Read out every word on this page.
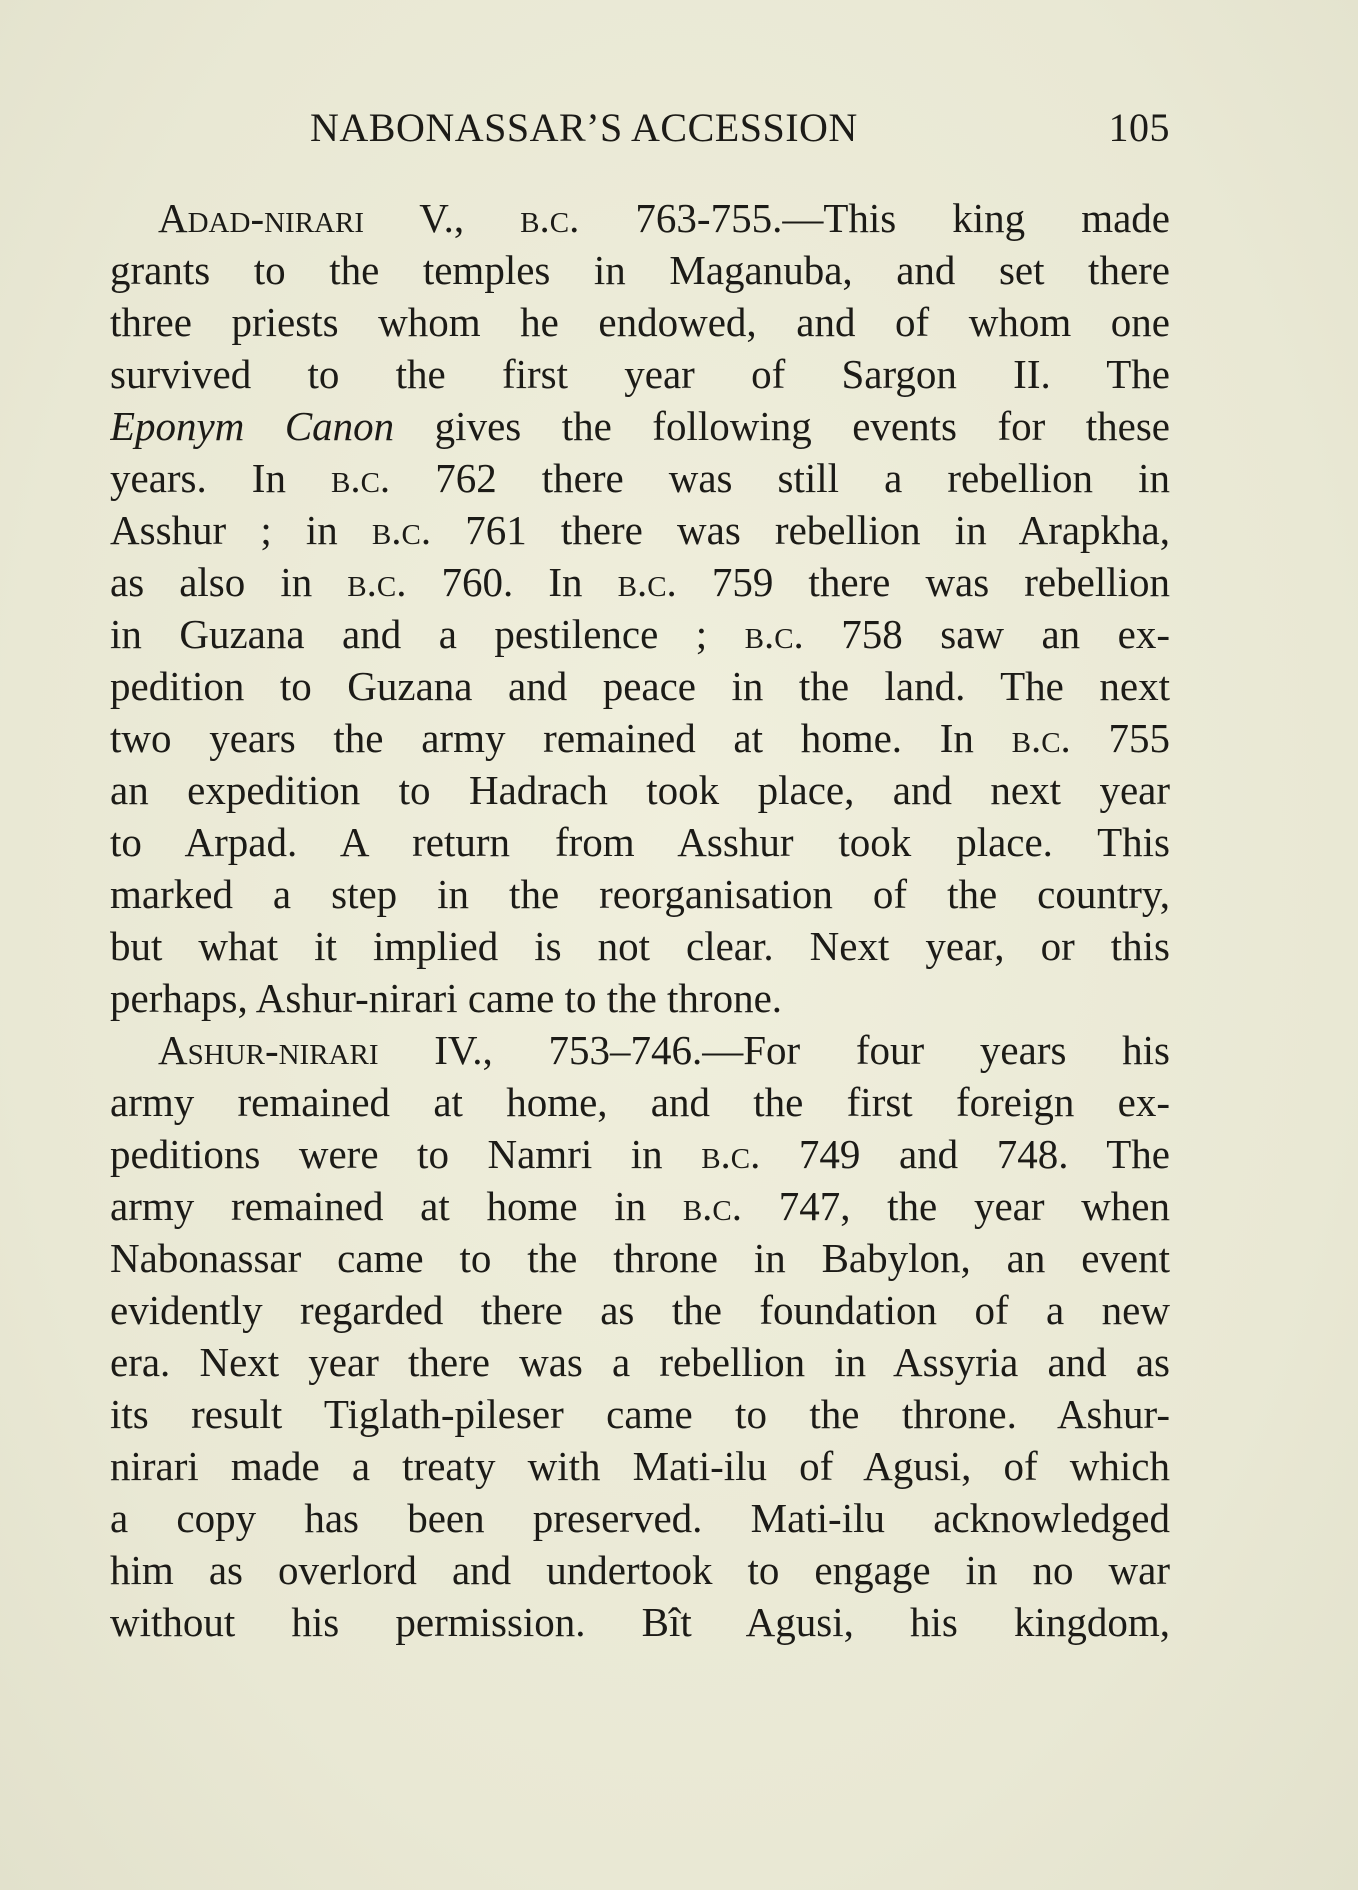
NABONASSAR’S ACCESSION	105
Adad-nirari V., b.c. 763-755.—This king made
grants to the temples in Maganuba, and set there
three priests whom he endowed, and of whom one
survived to the first year of Sargon II. The
Eponym Canon gives the following events for these
years. In b.c. 762 there was still a rebellion in
Asshur ; in b.c. 761 there was rebellion in Arapkha,
as also in b.c. 760. In b.c. 759 there was rebellion
in Guzana and a pestilence ; b.c. 758 saw an ex-
pedition to Guzana and peace in the land. The next
two years the army remained at home. In b.c. 755
an expedition to Hadrach took place, and next year
to Arpad. A return from Asshur took place. This
marked a step in the reorganisation of the country,
but what it implied is not clear. Next year, or this
perhaps, Ashur-nirari came to the throne.
Ashur-nirari IV., 753–746.—For four years his
army remained at home, and the first foreign ex-
peditions were to Namri in b.c. 749 and 748. The
army remained at home in b.c. 747, the year when
Nabonassar came to the throne in Babylon, an event
evidently regarded there as the foundation of a new
era. Next year there was a rebellion in Assyria and as
its result Tiglath-pileser came to the throne. Ashur-
nirari made a treaty with Mati-ilu of Agusi, of which
a copy has been preserved. Mati-ilu acknowledged
him as overlord and undertook to engage in no war
without his permission. Bît Agusi, his kingdom,
